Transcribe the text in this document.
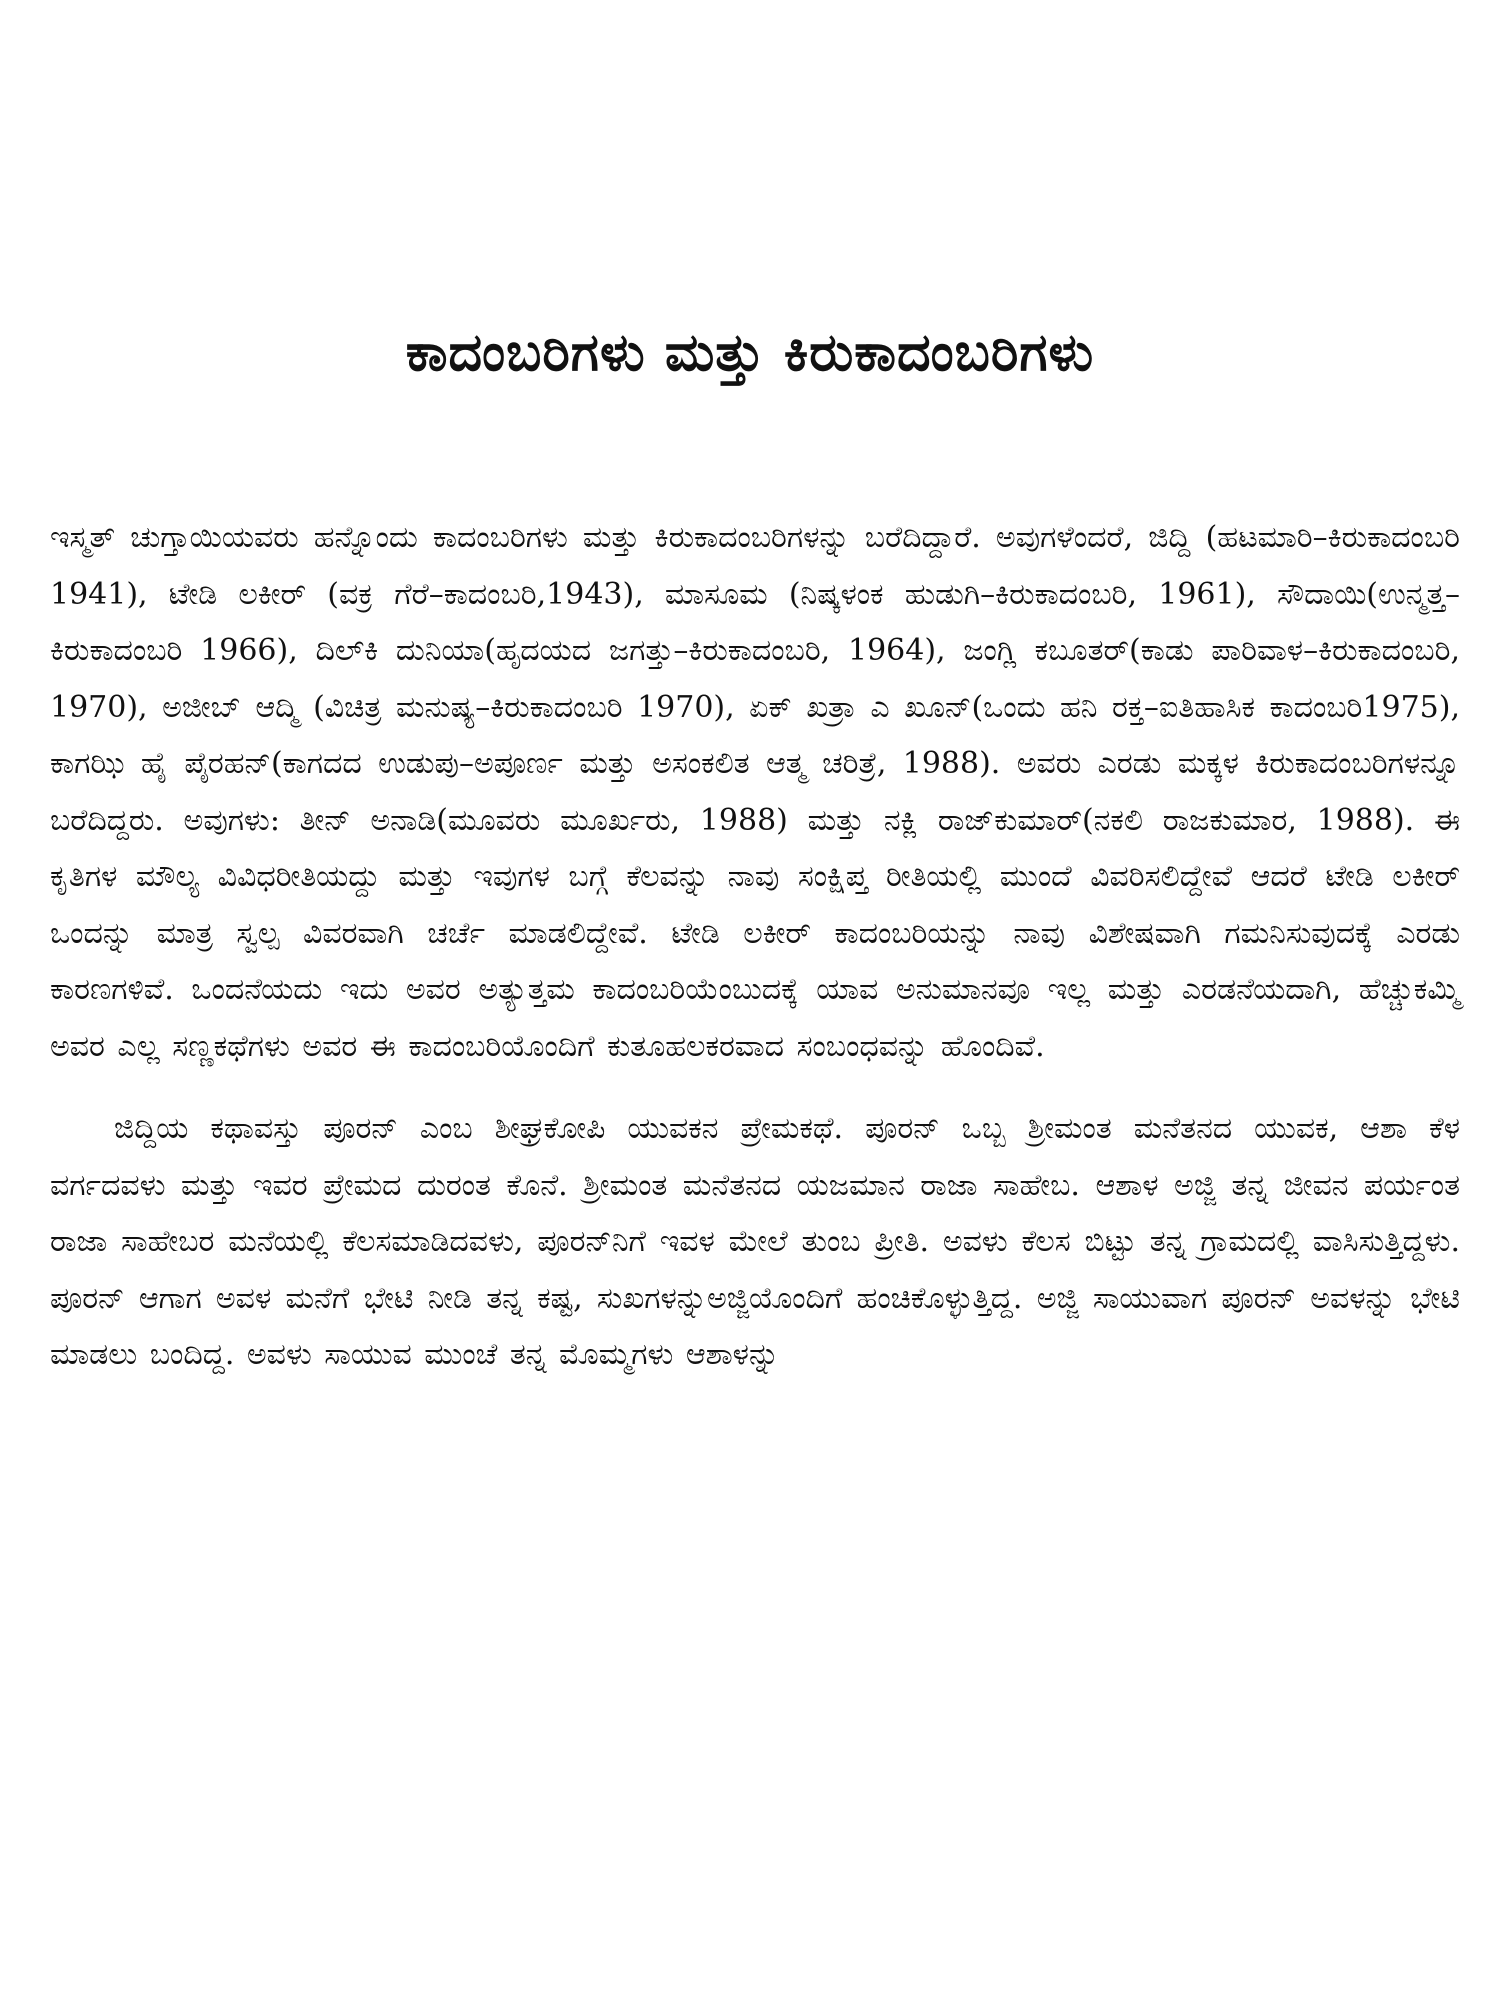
ಕಾದಂಬರಿಗಳು ಮತ್ತು ಕಿರುಕಾದಂಬರಿಗಳು

ಇಸ್ಮತ್ ಚುಗ್ತಾಯಿಯವರು ಹನ್ನೊಂದು ಕಾದಂಬರಿಗಳು ಮತ್ತು ಕಿರುಕಾದಂಬರಿಗಳನ್ನು ಬರೆದಿದ್ದಾರೆ. ಅವುಗಳೆಂದರೆ, ಜಿದ್ದಿ (ಹಟಮಾರಿ–ಕಿರುಕಾದಂಬರಿ 1941), ಟೇಡಿ ಲಕೀರ್ (ವಕ್ರ ಗೆರೆ–ಕಾದಂಬರಿ,1943), ಮಾಸೂಮ (ನಿಷ್ಕಳಂಕ ಹುಡುಗಿ–ಕಿರುಕಾದಂಬರಿ, 1961), ಸೌದಾಯಿ(ಉನ್ಮತ್ತ–ಕಿರುಕಾದಂಬರಿ 1966), ದಿಲ್‌ಕಿ ದುನಿಯಾ(ಹೃದಯದ ಜಗತ್ತು–ಕಿರುಕಾದಂಬರಿ, 1964), ಜಂಗ್ಲಿ ಕಬೂತರ್(ಕಾಡು ಪಾರಿವಾಳ–ಕಿರುಕಾದಂಬರಿ, 1970), ಅಜೀಬ್ ಆದ್ಮಿ (ವಿಚಿತ್ರ ಮನುಷ್ಯ–ಕಿರುಕಾದಂಬರಿ 1970), ಏಕ್ ಖತ್ರಾ ಎ ಖೂನ್(ಒಂದು ಹನಿ ರಕ್ತ–ಐತಿಹಾಸಿಕ ಕಾದಂಬರಿ1975), ಕಾಗಝಿ ಹೈ ಪೈರಹನ್(ಕಾಗದದ ಉಡುಪು–ಅಪೂರ್ಣ ಮತ್ತು ಅಸಂಕಲಿತ ಆತ್ಮ ಚರಿತ್ರೆ, 1988). ಅವರು ಎರಡು ಮಕ್ಕಳ ಕಿರುಕಾದಂಬರಿಗಳನ್ನೂ ಬರೆದಿದ್ದರು. ಅವುಗಳು: ತೀನ್ ಅನಾಡಿ(ಮೂವರು ಮೂರ್ಖರು, 1988) ಮತ್ತು ನಕ್ಲಿ ರಾಜ್‌ಕುಮಾರ್(ನಕಲಿ ರಾಜಕುಮಾರ, 1988). ಈ ಕೃತಿಗಳ ಮೌಲ್ಯ ವಿವಿಧರೀತಿಯದ್ದು ಮತ್ತು ಇವುಗಳ ಬಗ್ಗೆ ಕೆಲವನ್ನು ನಾವು ಸಂಕ್ಷಿಪ್ತ ರೀತಿಯಲ್ಲಿ ಮುಂದೆ ವಿವರಿಸಲಿದ್ದೇವೆ ಆದರೆ ಟೇಡಿ ಲಕೀರ್ ಒಂದನ್ನು ಮಾತ್ರ ಸ್ವಲ್ಪ ವಿವರವಾಗಿ ಚರ್ಚೆ ಮಾಡಲಿದ್ದೇವೆ. ಟೇಡಿ ಲಕೀರ್ ಕಾದಂಬರಿಯನ್ನು ನಾವು ವಿಶೇಷವಾಗಿ ಗಮನಿಸುವುದಕ್ಕೆ ಎರಡು ಕಾರಣಗಳಿವೆ. ಒಂದನೆಯದು ಇದು ಅವರ ಅತ್ಯುತ್ತಮ ಕಾದಂಬರಿಯೆಂಬುದಕ್ಕೆ ಯಾವ ಅನುಮಾನವೂ ಇಲ್ಲ ಮತ್ತು ಎರಡನೆಯದಾಗಿ, ಹೆಚ್ಚುಕಮ್ಮಿ ಅವರ ಎಲ್ಲ ಸಣ್ಣಕಥೆಗಳು ಅವರ ಈ ಕಾದಂಬರಿಯೊಂದಿಗೆ ಕುತೂಹಲಕರವಾದ ಸಂಬಂಧವನ್ನು ಹೊಂದಿವೆ.

ಜಿದ್ದಿಯ ಕಥಾವಸ್ತು ಪೂರನ್ ಎಂಬ ಶೀಘ್ರಕೋಪಿ ಯುವಕನ ಪ್ರೇಮಕಥೆ. ಪೂರನ್ ಒಬ್ಬ ಶ್ರೀಮಂತ ಮನೆತನದ ಯುವಕ, ಆಶಾ ಕೆಳ ವರ್ಗದವಳು ಮತ್ತು ಇವರ ಪ್ರೇಮದ ದುರಂತ ಕೊನೆ. ಶ್ರೀಮಂತ ಮನೆತನದ ಯಜಮಾನ ರಾಜಾ ಸಾಹೇಬ. ಆಶಾಳ ಅಜ್ಜಿ ತನ್ನ ಜೀವನ ಪರ್ಯಂತ ರಾಜಾ ಸಾಹೇಬರ ಮನೆಯಲ್ಲಿ ಕೆಲಸಮಾಡಿದವಳು, ಪೂರನ್‌ನಿಗೆ ಇವಳ ಮೇಲೆ ತುಂಬ ಪ್ರೀತಿ. ಅವಳು ಕೆಲಸ ಬಿಟ್ಟು ತನ್ನ ಗ್ರಾಮದಲ್ಲಿ ವಾಸಿಸುತ್ತಿದ್ದಳು. ಪೂರನ್ ಆಗಾಗ ಅವಳ ಮನೆಗೆ ಭೇಟಿ ನೀಡಿ ತನ್ನ ಕಷ್ಟ, ಸುಖಗಳನ್ನುಅಜ್ಜಿಯೊಂದಿಗೆ ಹಂಚಿಕೊಳ್ಳುತ್ತಿದ್ದ. ಅಜ್ಜಿ ಸಾಯುವಾಗ ಪೂರನ್ ಅವಳನ್ನು ಭೇಟಿ ಮಾಡಲು ಬಂದಿದ್ದ. ಅವಳು ಸಾಯುವ ಮುಂಚೆ ತನ್ನ ಮೊಮ್ಮಗಳು ಆಶಾಳನ್ನು
